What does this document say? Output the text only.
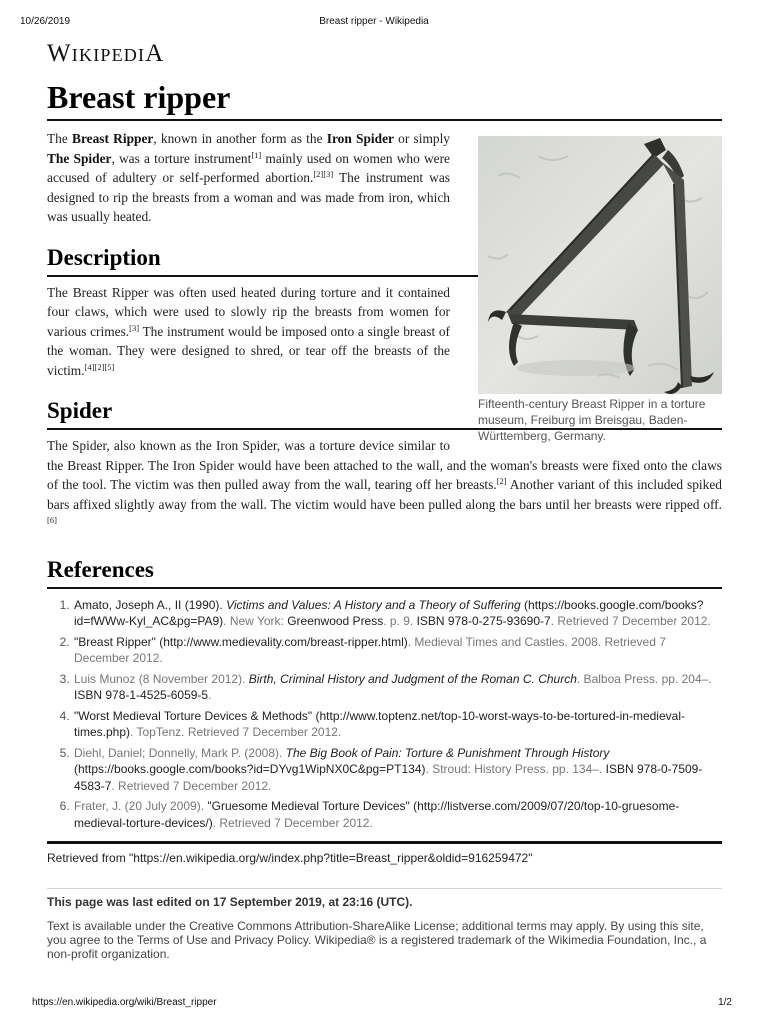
10/26/2019	Breast ripper - Wikipedia
WIKIPEDIA
Breast ripper
Fifteenth-century Breast Ripper in a torture museum, Freiburg im Breisgau, Baden-Württemberg, Germany.

The Breast Ripper, known in another form as the Iron Spider or simply The Spider, was a torture instrument[1] mainly used on women who were accused of adultery or self-performed abortion.[2][3] The instrument was designed to rip the breasts from a woman and was made from iron, which was usually heated.

Description

The Breast Ripper was often used heated during torture and it contained four claws, which were used to slowly rip the breasts from women for various crimes.[3] The instrument would be imposed onto a single breast of the woman. They were designed to shred, or tear off the breasts of the victim.[4][2][5]

Spider

The Spider, also known as the Iron Spider, was a torture device similar to the Breast Ripper. The Iron Spider would have been attached to the wall, and the woman's breasts were fixed onto the claws of the tool. The victim was then pulled away from the wall, tearing off her breasts.[2] Another variant of this included spiked bars affixed slightly away from the wall. The victim would have been pulled along the bars until her breasts were ripped off.[6]

References
1. Amato, Joseph A., II (1990). Victims and Values: A History and a Theory of Suffering (https://books.google.com/books?id=fWWw-Kyl_AC&pg=PA9). New York: Greenwood Press. p. 9. ISBN 978-0-275-93690-7. Retrieved 7 December 2012.
2. "Breast Ripper" (http://www.medievality.com/breast-ripper.html). Medieval Times and Castles. 2008. Retrieved 7 December 2012.
3. Luis Munoz (8 November 2012). Birth, Criminal History and Judgment of the Roman C. Church. Balboa Press. pp. 204–. ISBN 978-1-4525-6059-5.
4. "Worst Medieval Torture Devices & Methods" (http://www.toptenz.net/top-10-worst-ways-to-be-tortured-in-medieval-times.php). TopTenz. Retrieved 7 December 2012.
5. Diehl, Daniel; Donnelly, Mark P. (2008). The Big Book of Pain: Torture & Punishment Through History (https://books.google.com/books?id=DYvg1WipNX0C&pg=PT134). Stroud: History Press. pp. 134–. ISBN 978-0-7509-4583-7. Retrieved 7 December 2012.
6. Frater, J. (20 July 2009). "Gruesome Medieval Torture Devices" (http://listverse.com/2009/07/20/top-10-gruesome-medieval-torture-devices/). Retrieved 7 December 2012.
Retrieved from "https://en.wikipedia.org/w/index.php?title=Breast_ripper&oldid=916259472"
This page was last edited on 17 September 2019, at 23:16 (UTC).
Text is available under the Creative Commons Attribution-ShareAlike License; additional terms may apply. By using this site, you agree to the Terms of Use and Privacy Policy. Wikipedia® is a registered trademark of the Wikimedia Foundation, Inc., a non-profit organization.
https://en.wikipedia.org/wiki/Breast_ripper	1/2
